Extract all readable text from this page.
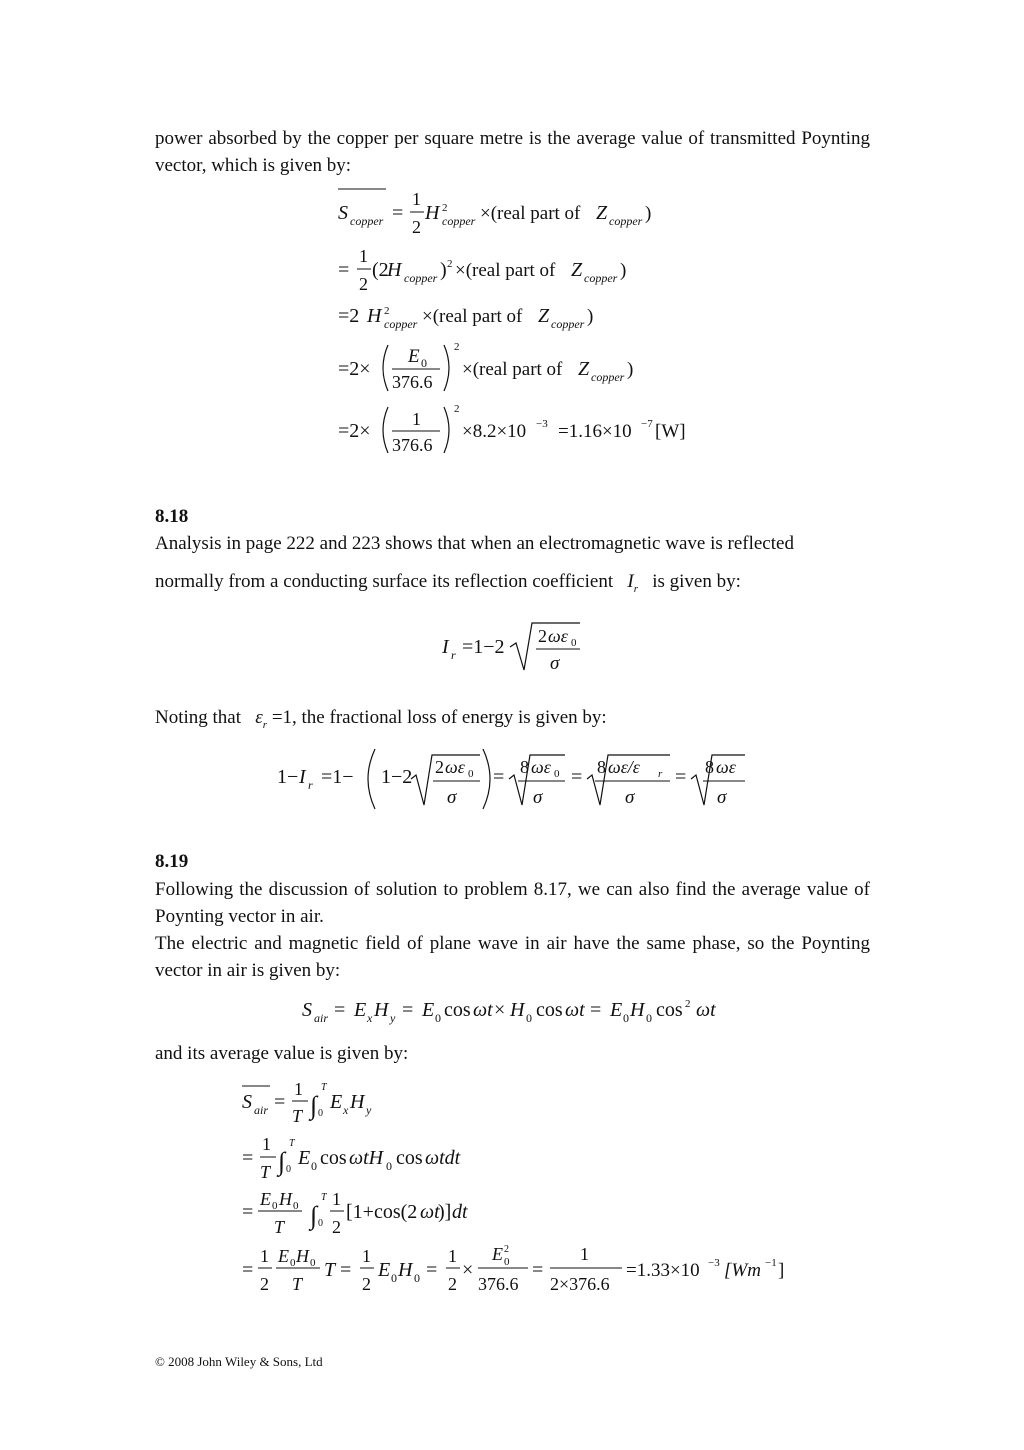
power absorbed by the copper per square metre is the average value of transmitted Poynting vector, which is given by:
S copper =
1
2
H 2
copper ×(real part of Z copper )
=
1
2
(2
H copper ) 2 ×(real part of Z copper )
=2 H 2
copper ×(real part of Z copper )
=2×
E 0
376.6
2
×(real part of Z copper )
=2×
1
376.6
2
×8.2×10 −3 =1.16×10 −7 [W]
8.18
Analysis in page 222 and 223 shows that when an electromagnetic wave is reflected
normally from a conducting surface its reflection coefficient $I_r$ is given by:
I r =1−2 2 ωε 0
σ
Noting that $\varepsilon_r =1$, the fractional loss of energy is given by:
1− I r =1− 1−2 2 ωε 0
σ
= 8 ωε 0
σ
= 8 ωε/ε r
σ
= 8 ωε
σ
8.19
Following the discussion of solution to problem 8.17, we can also find the average value of Poynting vector in air.
The electric and magnetic field of plane wave in air have the same phase, so the Poynting vector in air is given by:
S air = E x H y = E 0 cos ωt × H 0 cos ωt = E 0 H 0 cos 2 ωt
and its average value is given by:
S air =
1
T ∫
T
0
E x H y
=
1
T ∫
T
0
E 0 cos ωtH 0 cos ωtdt
=
E 0 H 0
T ∫
T
0
1
2
[1+cos(2 ωt
)] dt
=
1
2
E 0 H 0
T
T =
1
2
E 0 H 0 =
1
2
×
E 2
0
376.6
=
1
2×376.6
=1.33×10 −3 [Wm −1 ]
© 2008 John Wiley & Sons, Ltd
